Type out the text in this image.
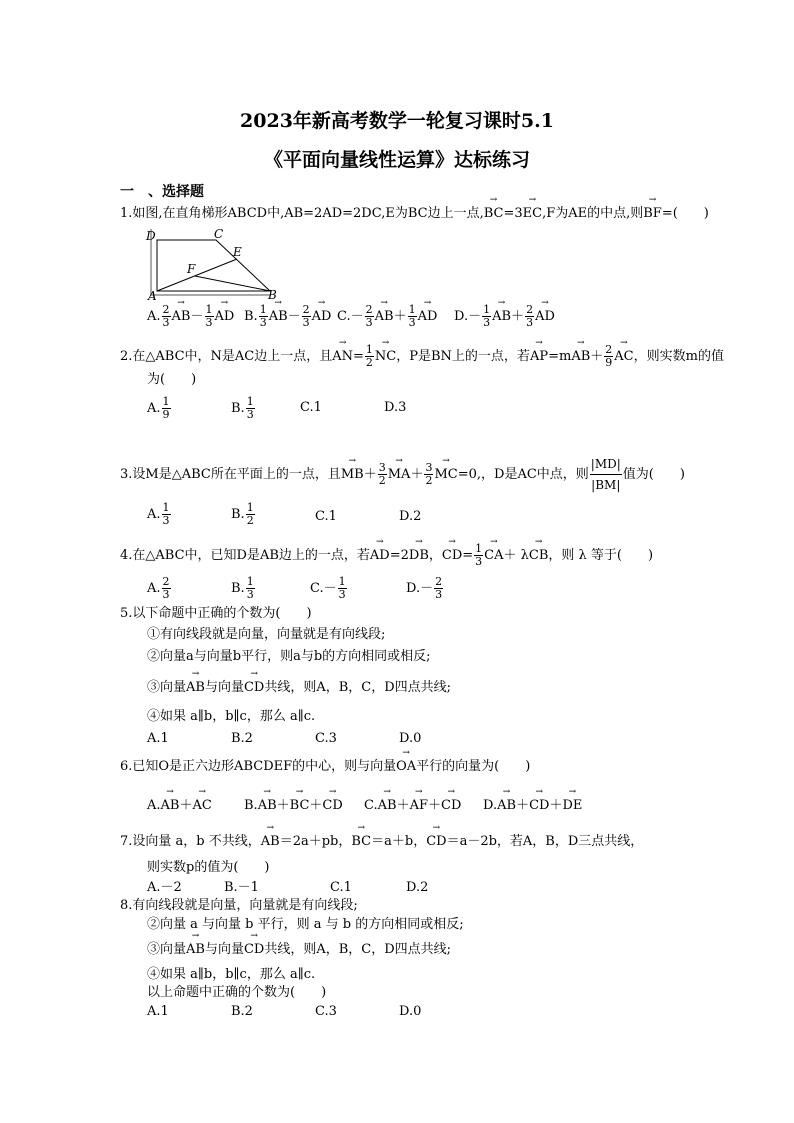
2023年新高考数学一轮复习课时5.1
《平面向量线性运算》达标练习
一　、选择题
1.如图,在直角梯形ABCD中,AB=2AD=2DC,E为BC边上一点,→ BC=3→ EC,F为AE的中点,则→ BF=(　　)
D	C
E
F
A	B
A. $\frac{2}{3}$
→ $AB- \frac{1}{3}$
→ AD B. $\frac{1}{3}$
→ $AB- \frac{2}{3}$
→ AD $C.- \frac{2}{3}$
→ $AB+ \frac{1}{3}$
→ AD $D.- \frac{1}{3}$
→ $AB+ \frac{2}{3}$
→ AD
2.在△ABC中，N是AC边上一点，且→ $AN= \frac{1}{2}$
→ NC，P是BN上的一点，若→ $AP=m\to AB+ \frac{2}{9}$
→ AC，则实数m的值
为(　　)
A. $\frac{1}{9}$	B. $\frac{1}{3}$	C.1	D.3
3.设M是△ABC所在平面上的一点，且→ $MB+ \frac{3}{2}$
→ $MA+ \frac{3}{2}$
→ MC=0,，D是AC中点，则 $\frac{|MD|}{|BM|}$ 值为(　　)
A. $\frac{1}{3}$	B. $\frac{1}{2}$	C.1	D.2
4.在△ABC中，已知D是AB边上的一点，若→ AD=2→ DB，→ $CD= \frac{1}{3}$
→ CA＋ λ→ CB，则 λ 等于(　　)
A. $\frac{2}{3}$	B. $\frac{1}{3}$	$C.- \frac{1}{3}$	$D.- \frac{2}{3}$
5.以下命题中正确的个数为(　　)
①有向线段就是向量，向量就是有向线段;
②向量a与向量b平行，则a与b的方向相同或相反;
③向量→ AB与向量→ CD共线，则A，B，C，D四点共线;
④如果 a∥b，b∥c，那么 a∥c.
A.1	B.2	C.3	D.0
6.已知O是正六边形ABCDEF的中心，则与向量→ OA平行的向量为(　　)
A.→ AB＋→ AC B.→ AB＋→ BC＋→ CD C.→ AB＋→ AF＋→ CD D.→ AB＋→ CD＋→ DE
7.设向量 a，b 不共线，→ AB＝2a＋pb，→ BC＝a＋b，→ CD＝a－2b，若A，B，D三点共线，
则实数p的值为(　　)
A.－2	B.－1	C.1	D.2
8.有向线段就是向量，向量就是有向线段;
②向量 a 与向量 b 平行，则 a 与 b 的方向相同或相反;
③向量→ AB与向量→ CD共线，则A，B，C，D四点共线;
④如果 a∥b，b∥c，那么 a∥c.
以上命题中正确的个数为(　　)
A.1	B.2	C.3	D.0
